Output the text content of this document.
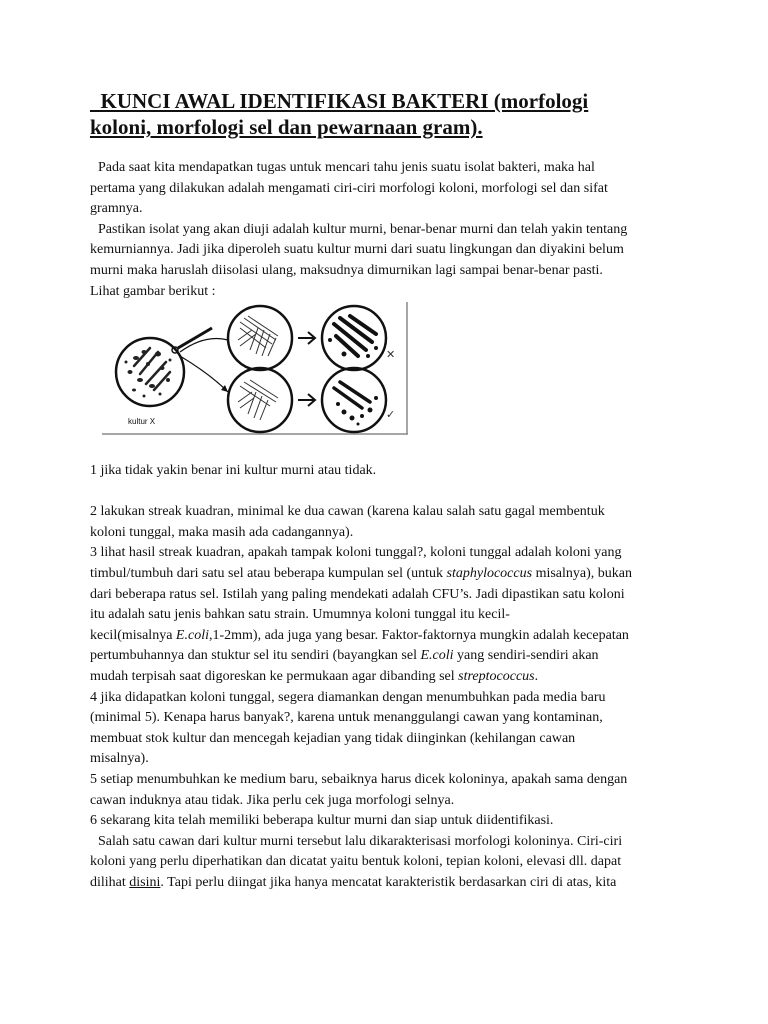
KUNCI AWAL IDENTIFIKASI BAKTERI (morfologi
koloni, morfologi sel dan pewarnaan gram).
Pada saat kita mendapatkan tugas untuk mencari tahu jenis suatu isolat bakteri, maka hal
pertama yang dilakukan adalah mengamati ciri-ciri morfologi koloni, morfologi sel dan sifat
gramnya.
Pastikan isolat yang akan diuji adalah kultur murni, benar-benar murni dan telah yakin tentang
kemurniannya. Jadi jika diperoleh suatu kultur murni dari suatu lingkungan dan diyakini belum
murni maka haruslah diisolasi ulang, maksudnya dimurnikan lagi sampai benar-benar pasti.
Lihat gambar berikut :
kultur X
✕
✓
1 jika tidak yakin benar ini kultur murni atau tidak.
2 lakukan streak kuadran, minimal ke dua cawan (karena kalau salah satu gagal membentuk
koloni tunggal, maka masih ada cadangannya).
3 lihat hasil streak kuadran, apakah tampak koloni tunggal?, koloni tunggal adalah koloni yang
timbul/tumbuh dari satu sel atau beberapa kumpulan sel (untuk staphylococcus misalnya), bukan
dari beberapa ratus sel. Istilah yang paling mendekati adalah CFU’s. Jadi dipastikan satu koloni
itu adalah satu jenis bahkan satu strain. Umumnya koloni tunggal itu kecil-
kecil(misalnya E.coli,1-2mm), ada juga yang besar. Faktor-faktornya mungkin adalah kecepatan
pertumbuhannya dan stuktur sel itu sendiri (bayangkan sel E.coli yang sendiri-sendiri akan
mudah terpisah saat digoreskan ke permukaan agar dibanding sel streptococcus.
4 jika didapatkan koloni tunggal, segera diamankan dengan menumbuhkan pada media baru
(minimal 5). Kenapa harus banyak?, karena untuk menanggulangi cawan yang kontaminan,
membuat stok kultur dan mencegah kejadian yang tidak diinginkan (kehilangan cawan
misalnya).
5 setiap menumbuhkan ke medium baru, sebaiknya harus dicek koloninya, apakah sama dengan
cawan induknya atau tidak. Jika perlu cek juga morfologi selnya.
6 sekarang kita telah memiliki beberapa kultur murni dan siap untuk diidentifikasi.
Salah satu cawan dari kultur murni tersebut lalu dikarakterisasi morfologi koloninya. Ciri-ciri
koloni yang perlu diperhatikan dan dicatat yaitu bentuk koloni, tepian koloni, elevasi dll. dapat
dilihat disini. Tapi perlu diingat jika hanya mencatat karakteristik berdasarkan ciri di atas, kita
